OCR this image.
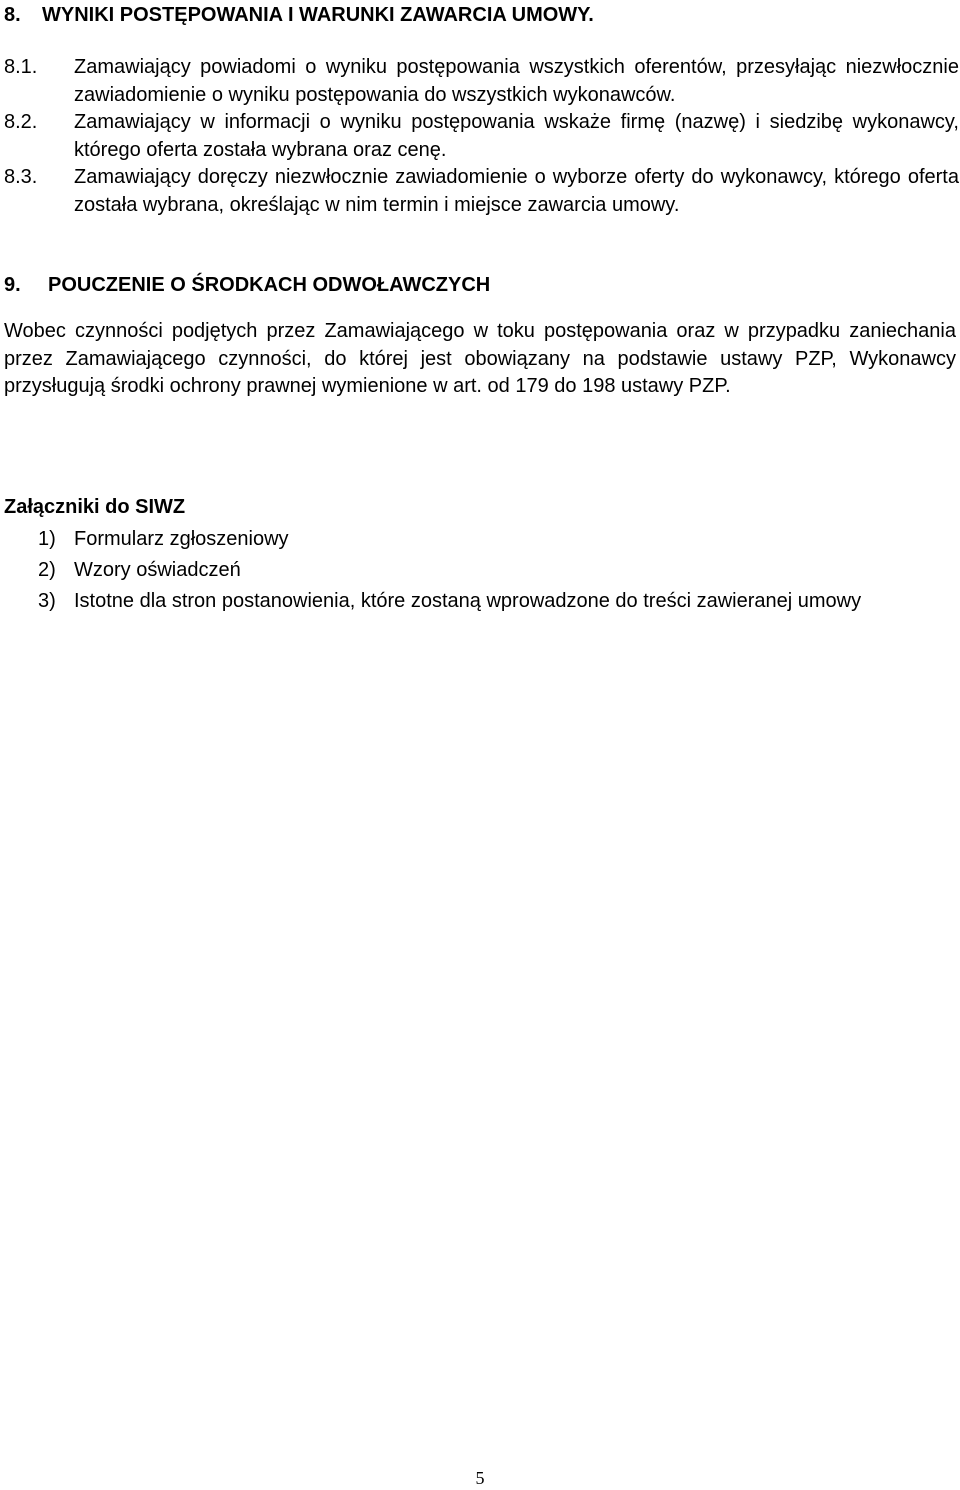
8. WYNIKI POSTĘPOWANIA I WARUNKI ZAWARCIA UMOWY.
8.1.	Zamawiający powiadomi o wyniku postępowania wszystkich oferentów, przesyłając niezwłocznie zawiadomienie o wyniku postępowania do wszystkich wykonawców.
8.2.	Zamawiający w informacji o wyniku postępowania wskaże firmę (nazwę) i siedzibę wykonawcy, którego oferta została wybrana oraz cenę.
8.3.	Zamawiający doręczy niezwłocznie zawiadomienie o wyborze oferty do wykonawcy, którego oferta została wybrana, określając w nim termin i miejsce zawarcia umowy.
9. POUCZENIE O ŚRODKACH ODWOŁAWCZYCH

Wobec czynności podjętych przez Zamawiającego w toku postępowania oraz w przypadku zaniechania przez Zamawiającego czynności, do której jest obowiązany na podstawie ustawy PZP, Wykonawcy przysługują środki ochrony prawnej wymienione w art. od 179 do 198 ustawy PZP.

Załączniki do SIWZ
1) Formularz zgłoszeniowy
2) Wzory oświadczeń
3) Istotne dla stron postanowienia, które zostaną wprowadzone do treści zawieranej umowy
5
